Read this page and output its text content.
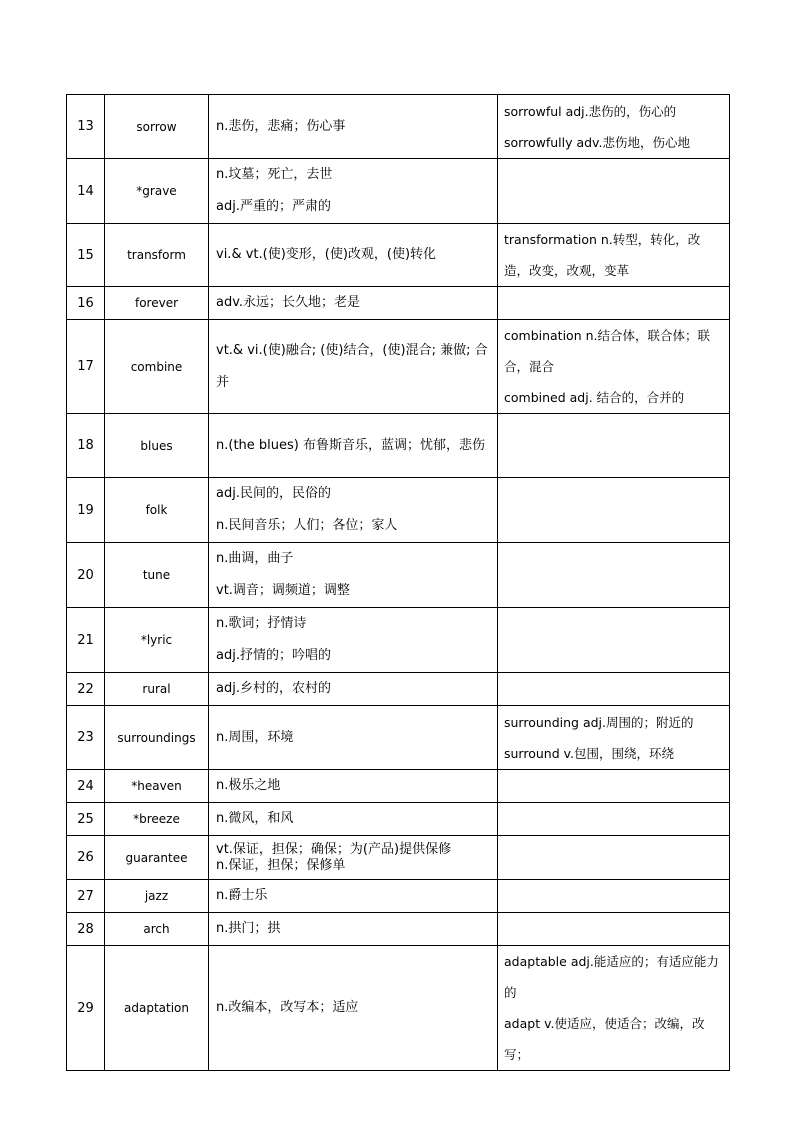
13	sorrow	n.悲伤，悲痛；伤心事	sorrowful adj.悲伤的，伤心的
sorrowfully adv.悲伤地，伤心地

14	*grave	n.坟墓；死亡，去世
adj.严重的；严肃的	

15	transform	vi.& vt.(使)变形，(使)改观，(使)转化	transformation n.转型，转化，改造，改变，改观，变革

16	forever	adv.永远；长久地；老是	

17	combine	vt.& vi.(使)融合; (使)结合，(使)混合; 兼做; 合并	combination n.结合体，联合体；联合，混合
combined adj. 结合的，合并的

18	blues	n.(the blues) 布鲁斯音乐，蓝调；忧郁，悲伤	

19	folk	adj.民间的，民俗的
n.民间音乐；人们；各位；家人	

20	tune	n.曲调，曲子
vt.调音；调频道；调整	

21	*lyric	n.歌词；抒情诗
adj.抒情的；吟唱的	

22	rural	adj.乡村的，农村的	

23	surroundings	n.周围，环境	surrounding adj.周围的；附近的
surround v.包围，围绕，环绕

24	*heaven	n.极乐之地	

25	*breeze	n.微风，和风	

26	guarantee	vt.保证，担保；确保；为(产品)提供保修
n.保证，担保；保修单	

27	jazz	n.爵士乐	

28	arch	n.拱门；拱	

29	adaptation	n.改编本，改写本；适应	adaptable adj.能适应的；有适应能力的
adapt v.使适应，使适合；改编，改写；
